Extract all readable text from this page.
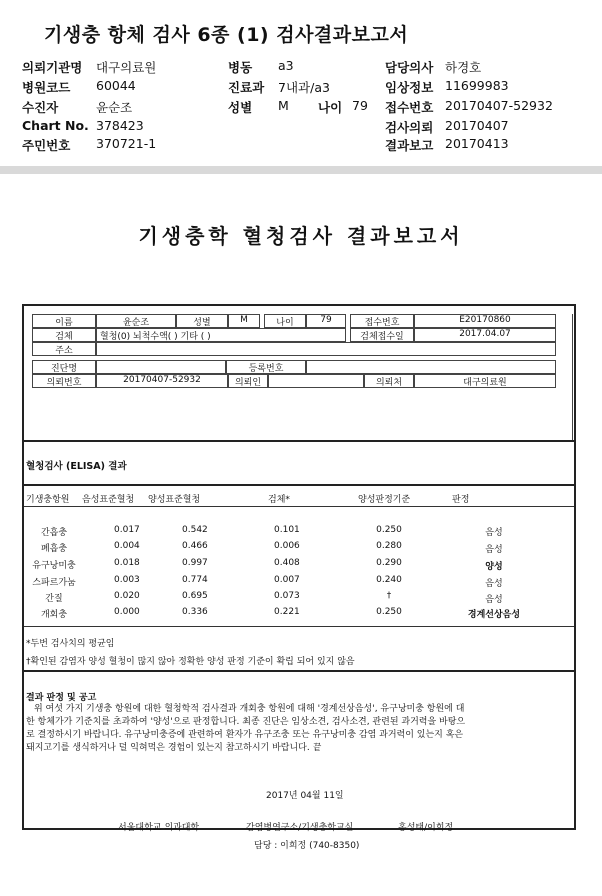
기생충 항체 검사 6종 (1) 검사결과보고서
의뢰기관명 대구의료원
병원코드 60044
수진자	윤순조
Chart No. 378423
주민번호 370721-1
병동 a3
진료과 7내과/a3
성별 M 나이 79
담당의사 하경호
임상정보 11699983
접수번호 20170407-52932
검사의뢰 20170407
결과보고 20170413
기생충학 혈청검사 결과보고서
이름	윤순조	성별	M	나이	79	접수번호	E20170860
검체	혈청(0) 뇌척수액( ) 기타 ( )	검체접수일	2017.04.07
주소
진단명	등록번호
의뢰번호	20170407-52932	의뢰인	의뢰처	대구의료원
혈청검사 (ELISA) 결과
기생충항원 음성표준혈청 양성표준혈청	검체*	양성판정기준	판정
간흡충	0.017	0.542	0.101	0.250	음성
폐흡충	0.004	0.466	0.006	0.280	음성
유구낭미충	0.018	0.997	0.408	0.290	양성
스파르가눔	0.003	0.774	0.007	0.240	음성
간질	0.020	0.695	0.073	†	음성
개회충	0.000	0.336	0.221	0.250	경계선상음성
*두번 검사치의 평균임
†확인된 감염자 양성 혈청이 많지 않아 정확한 양성 판정 기준이 확립 되어 있지 않음
결과 판정 및 공고
위 여섯 가지 기생충 항원에 대한 혈청학적 검사결과 개회충 항원에 대해 '경계선상음성', 유구낭미충 항원에 대
한 항체가가 기준치를 초과하여 '양성'으로 판정합니다. 최종 진단은 임상소견, 검사소견, 관련된 과거력을 바탕으
로 결정하시기 바랍니다. 유구낭미충증에 관련하여 환자가 유구조충 또는 유구낭미충 감염 과거력이 있는지 혹은
돼지고기를 생식하거나 덜 익혀먹은 경험이 있는지 참고하시기 바랍니다. 끝
2017년 04월 11일
서울대학교 의과대학	감염병연구소/기생충학교실	홍성태/이희정
담당 : 이희정 (740-8350)
